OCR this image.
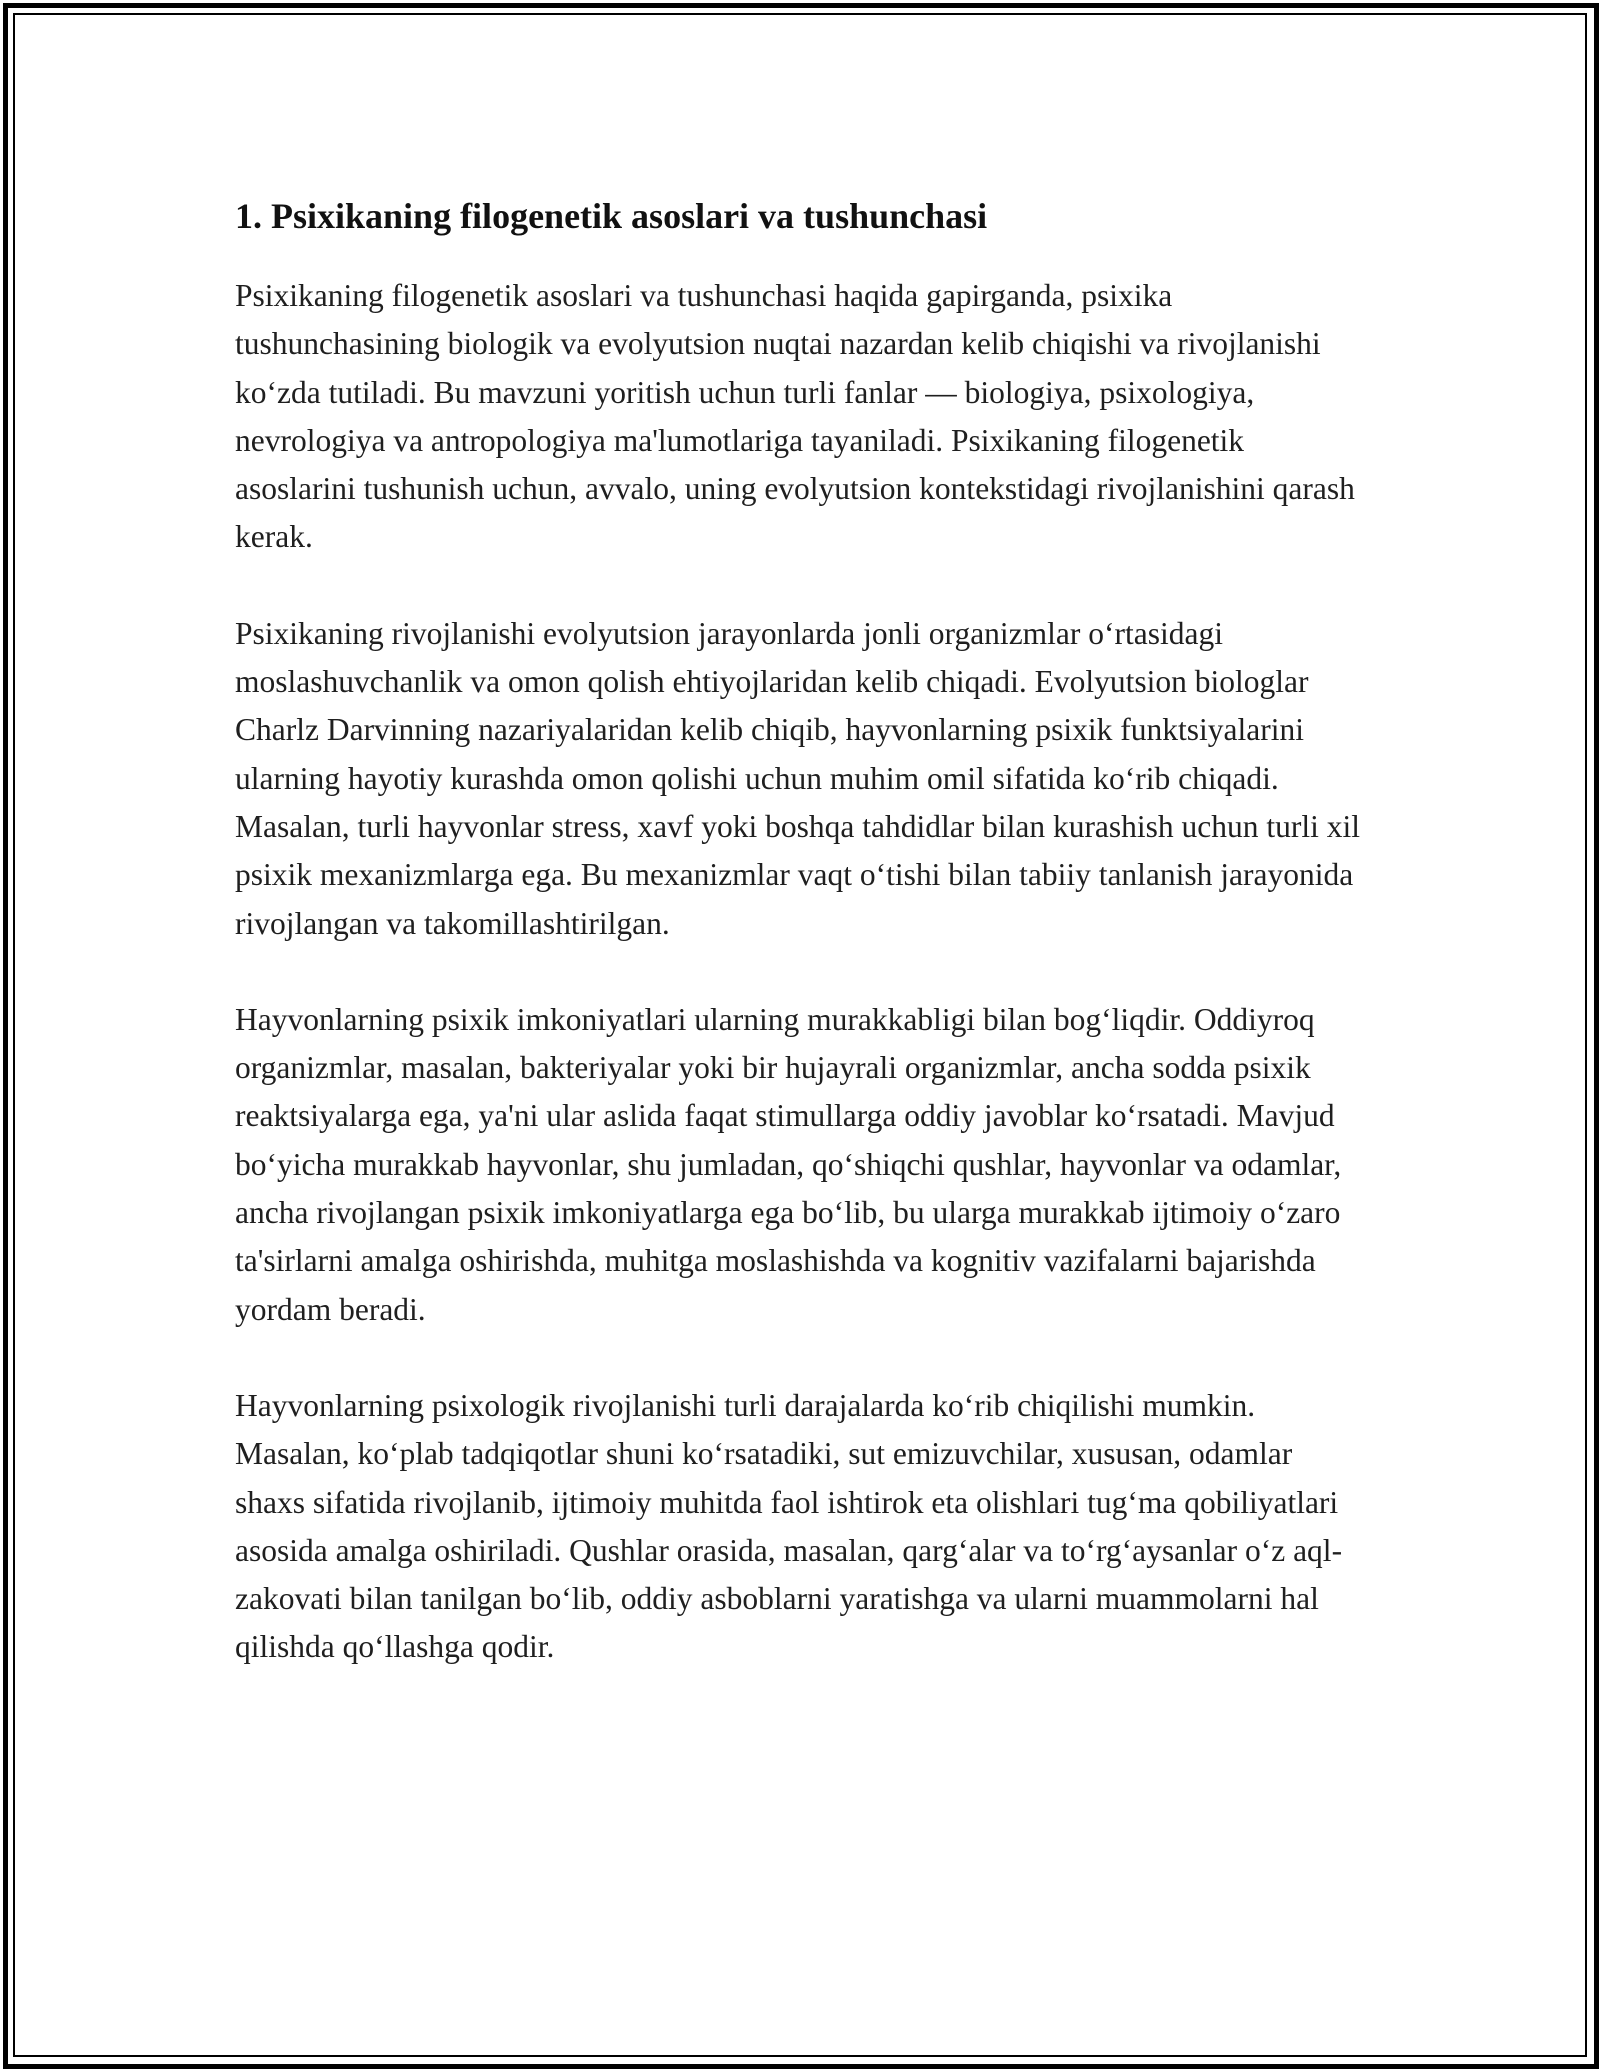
1. Psixikaning filogenetik asoslari va tushunchasi

Psixikaning filogenetik asoslari va tushunchasi haqida gapirganda, psixika tushunchasining biologik va evolyutsion nuqtai nazardan kelib chiqishi va rivojlanishi ko‘zda tutiladi. Bu mavzuni yoritish uchun turli fanlar — biologiya, psixologiya, nevrologiya va antropologiya ma'lumotlariga tayaniladi. Psixikaning filogenetik asoslarini tushunish uchun, avvalo, uning evolyutsion kontekstidagi rivojlanishini qarash kerak.

Psixikaning rivojlanishi evolyutsion jarayonlarda jonli organizmlar o‘rtasidagi moslashuvchanlik va omon qolish ehtiyojlaridan kelib chiqadi. Evolyutsion biologlar Charlz Darvinning nazariyalaridan kelib chiqib, hayvonlarning psixik funktsiyalarini ularning hayotiy kurashda omon qolishi uchun muhim omil sifatida ko‘rib chiqadi. Masalan, turli hayvonlar stress, xavf yoki boshqa tahdidlar bilan kurashish uchun turli xil psixik mexanizmlarga ega. Bu mexanizmlar vaqt o‘tishi bilan tabiiy tanlanish jarayonida rivojlangan va takomillashtirilgan.

Hayvonlarning psixik imkoniyatlari ularning murakkabligi bilan bog‘liqdir. Oddiyroq organizmlar, masalan, bakteriyalar yoki bir hujayrali organizmlar, ancha sodda psixik reaktsiyalarga ega, ya'ni ular aslida faqat stimullarga oddiy javoblar ko‘rsatadi. Mavjud bo‘yicha murakkab hayvonlar, shu jumladan, qo‘shiqchi qushlar, hayvonlar va odamlar, ancha rivojlangan psixik imkoniyatlarga ega bo‘lib, bu ularga murakkab ijtimoiy o‘zaro ta'sirlarni amalga oshirishda, muhitga moslashishda va kognitiv vazifalarni bajarishda yordam beradi.

Hayvonlarning psixologik rivojlanishi turli darajalarda ko‘rib chiqilishi mumkin. Masalan, ko‘plab tadqiqotlar shuni ko‘rsatadiki, sut emizuvchilar, xususan, odamlar shaxs sifatida rivojlanib, ijtimoiy muhitda faol ishtirok eta olishlari tug‘ma qobiliyatlari asosida amalga oshiriladi. Qushlar orasida, masalan, qarg‘alar va to‘rg‘aysanlar o‘z aql-zakovati bilan tanilgan bo‘lib, oddiy asboblarni yaratishga va ularni muammolarni hal qilishda qo‘llashga qodir.
